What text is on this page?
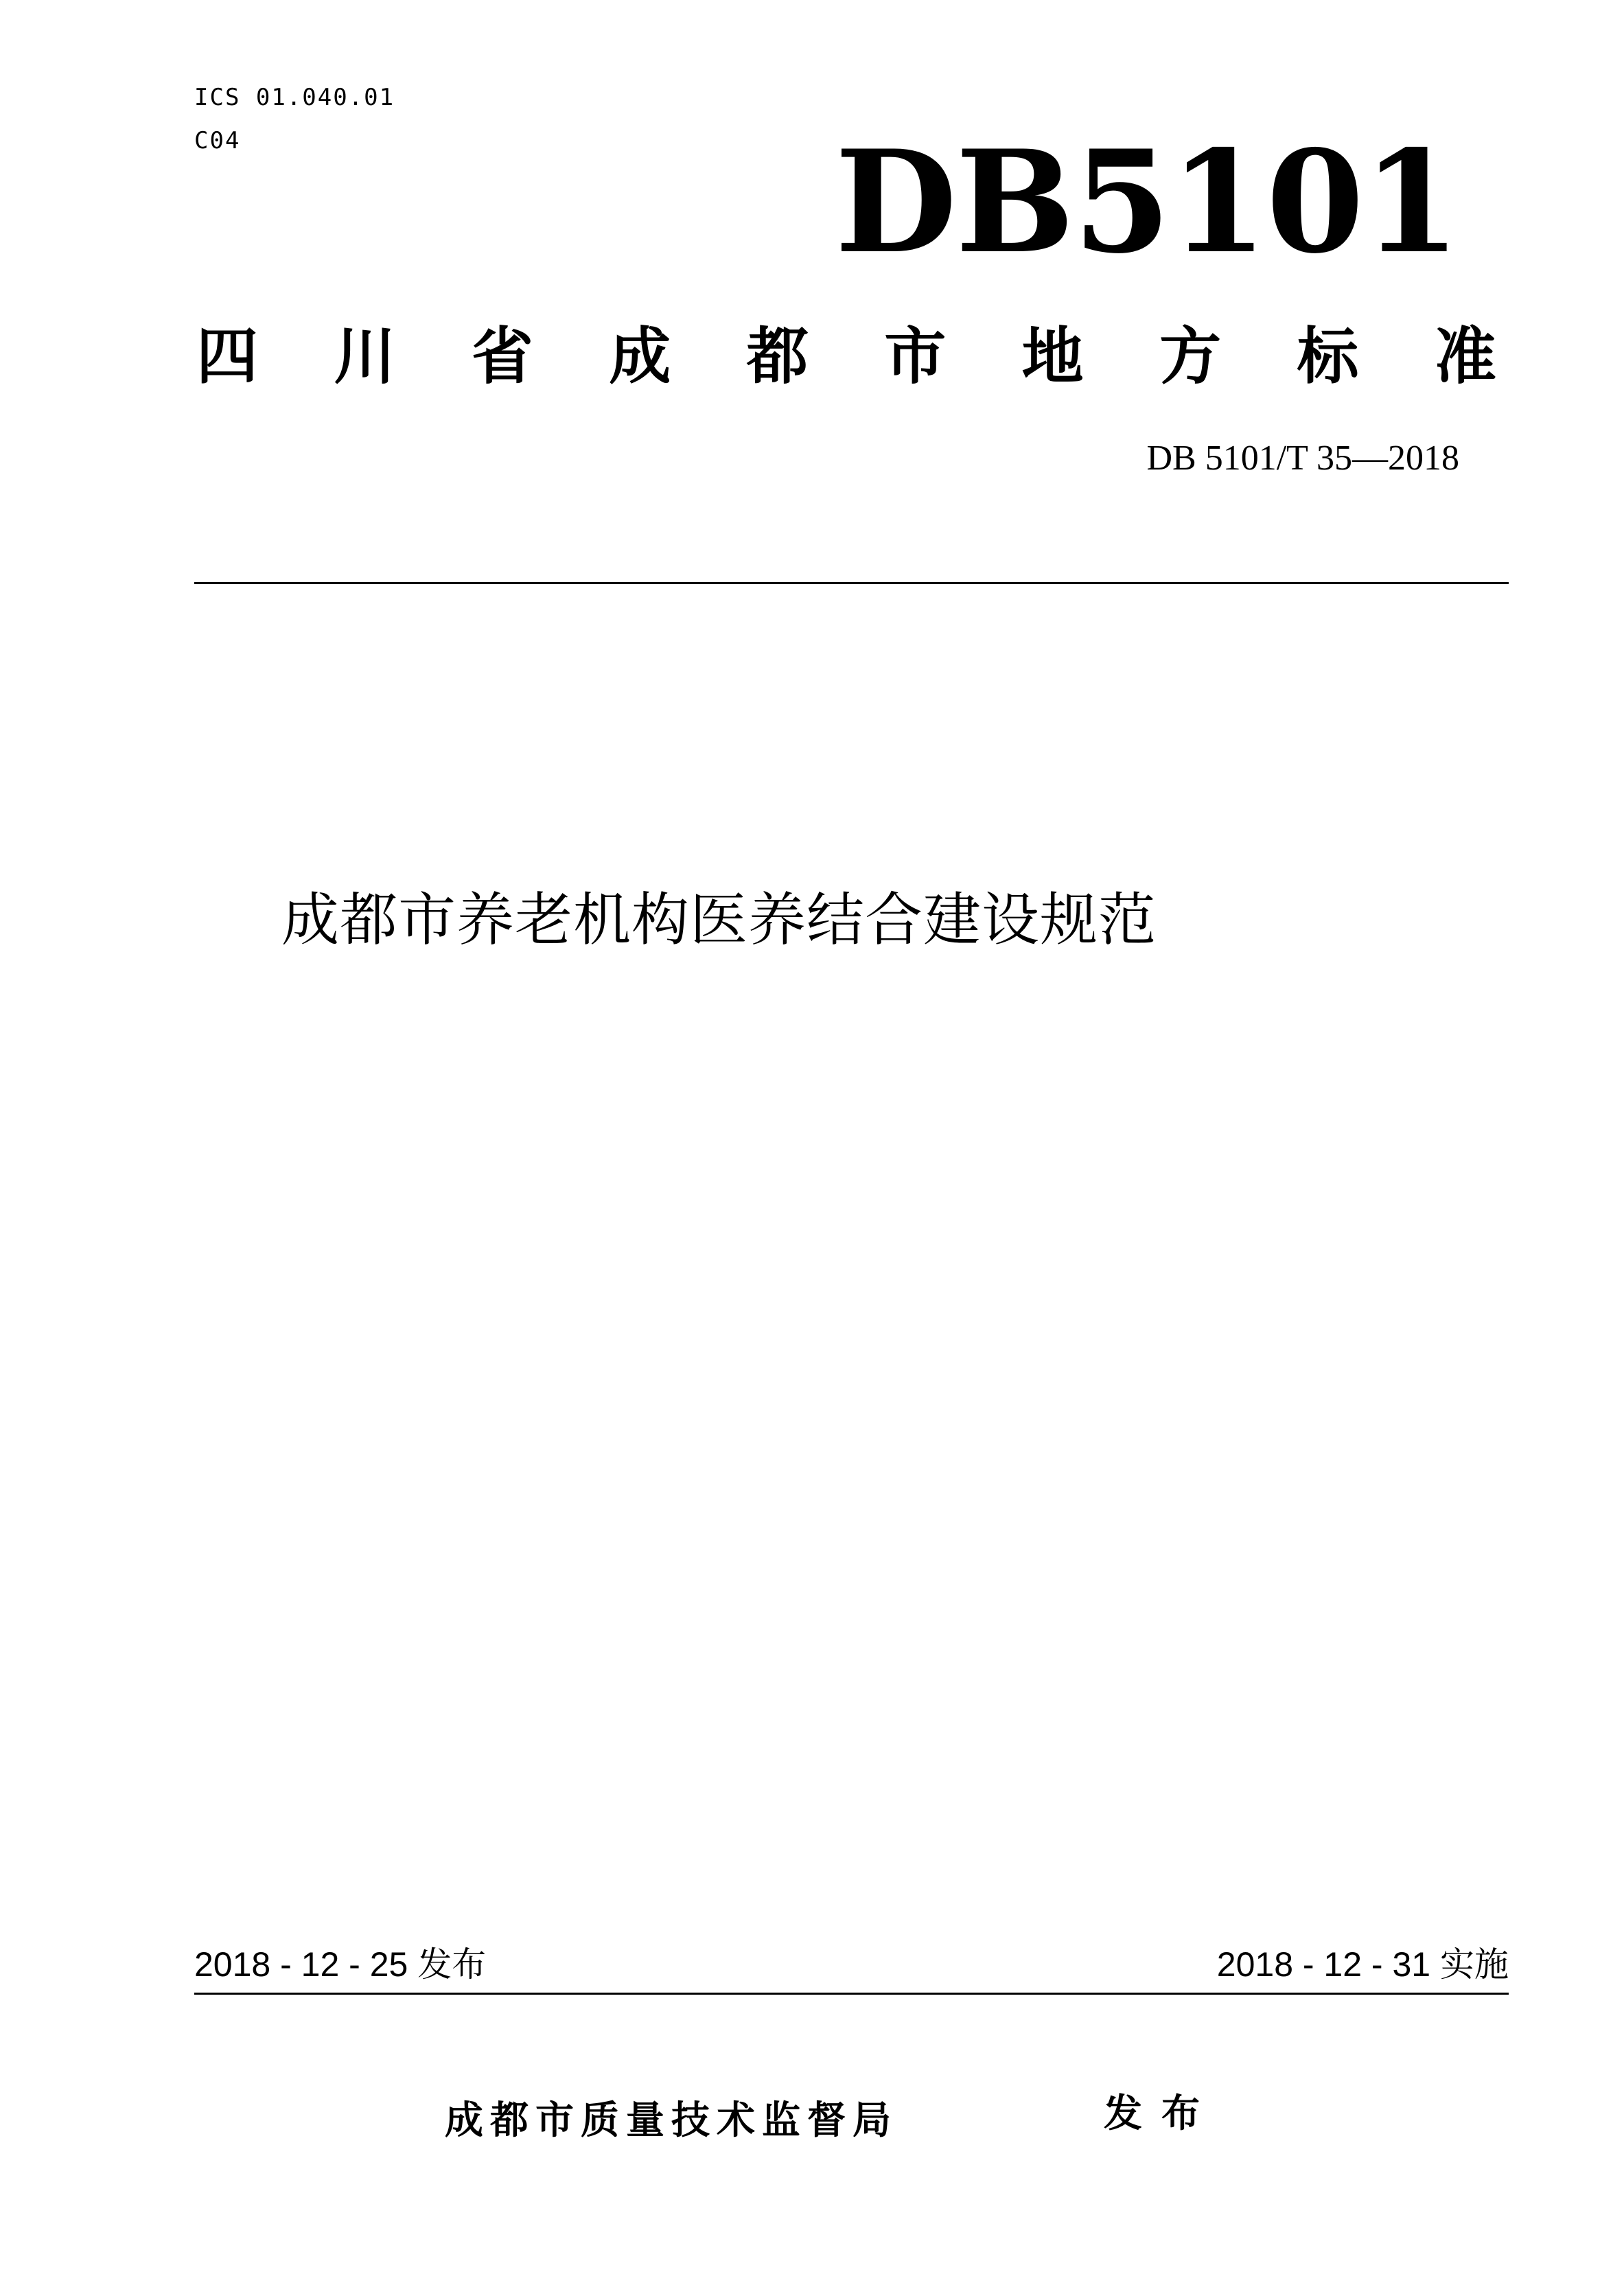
ICS 01.040.01
C04	DB5101
四 川 省 成 都 市 地 方 标 准
DB 5101/T 35—2018
成都市养老机构医养结合建设规范
2018 - 12 - 25 发布	2018 - 12 - 31 实施
成都市质量技术监督局	发布
